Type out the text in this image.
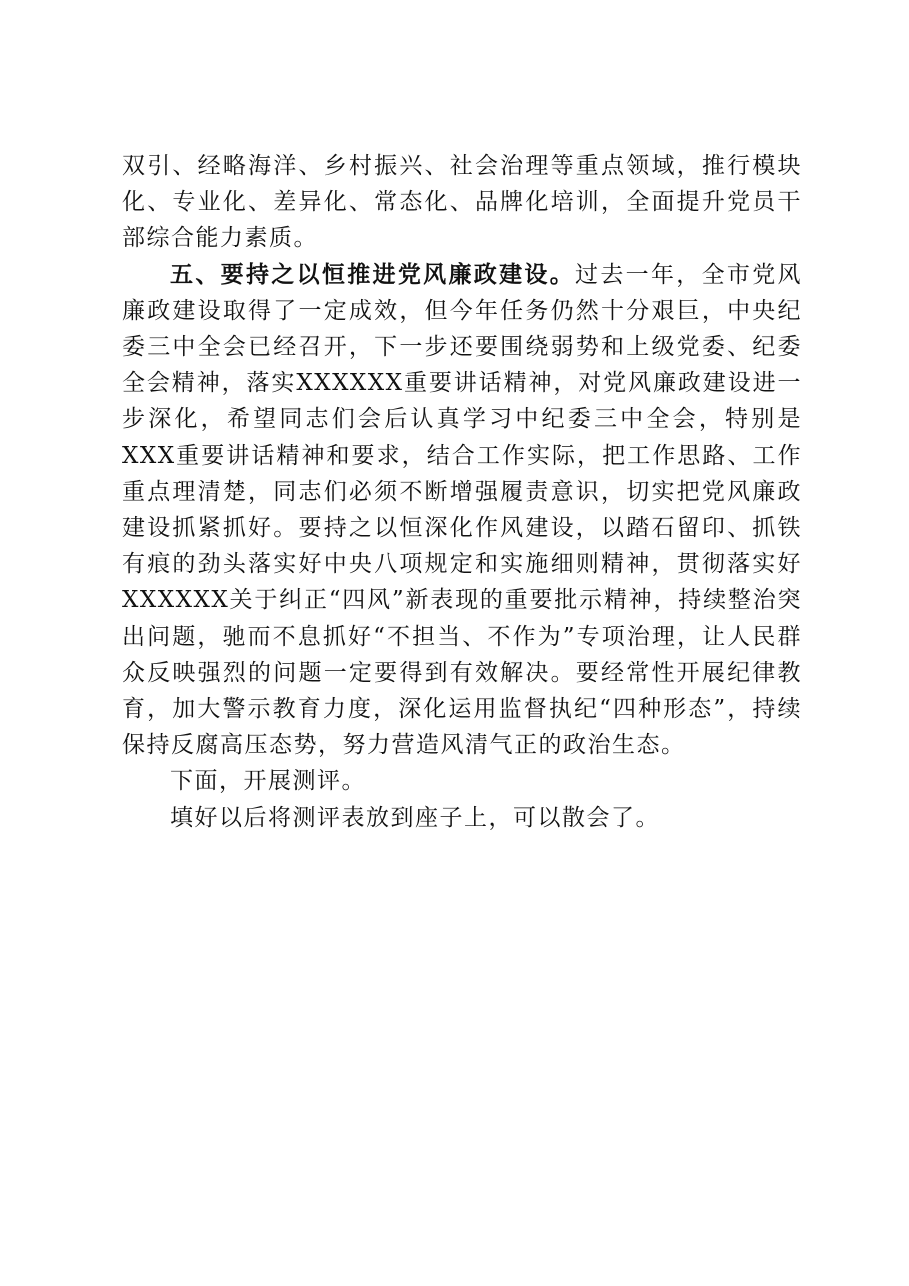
双引、经略海洋、乡村振兴、社会治理等重点领域，推行模块化、专业化、差异化、常态化、品牌化培训，全面提升党员干部综合能力素质。

五、要持之以恒推进党风廉政建设。过去一年，全市党风廉政建设取得了一定成效，但今年任务仍然十分艰巨，中央纪委三中全会已经召开，下一步还要围绕弱势和上级党委、纪委全会精神，落实XXXXXX重要讲话精神，对党风廉政建设进一步深化，希望同志们会后认真学习中纪委三中全会，特别是XXX重要讲话精神和要求，结合工作实际，把工作思路、工作重点理清楚，同志们必须不断增强履责意识，切实把党风廉政建设抓紧抓好。要持之以恒深化作风建设，以踏石留印、抓铁有痕的劲头落实好中央八项规定和实施细则精神，贯彻落实好XXXXXX关于纠正“四风”新表现的重要批示精神，持续整治突出问题，驰而不息抓好“不担当、不作为”专项治理，让人民群众反映强烈的问题一定要得到有效解决。要经常性开展纪律教育，加大警示教育力度，深化运用监督执纪“四种形态”，持续保持反腐高压态势，努力营造风清气正的政治生态。

下面，开展测评。

填好以后将测评表放到座子上，可以散会了。
